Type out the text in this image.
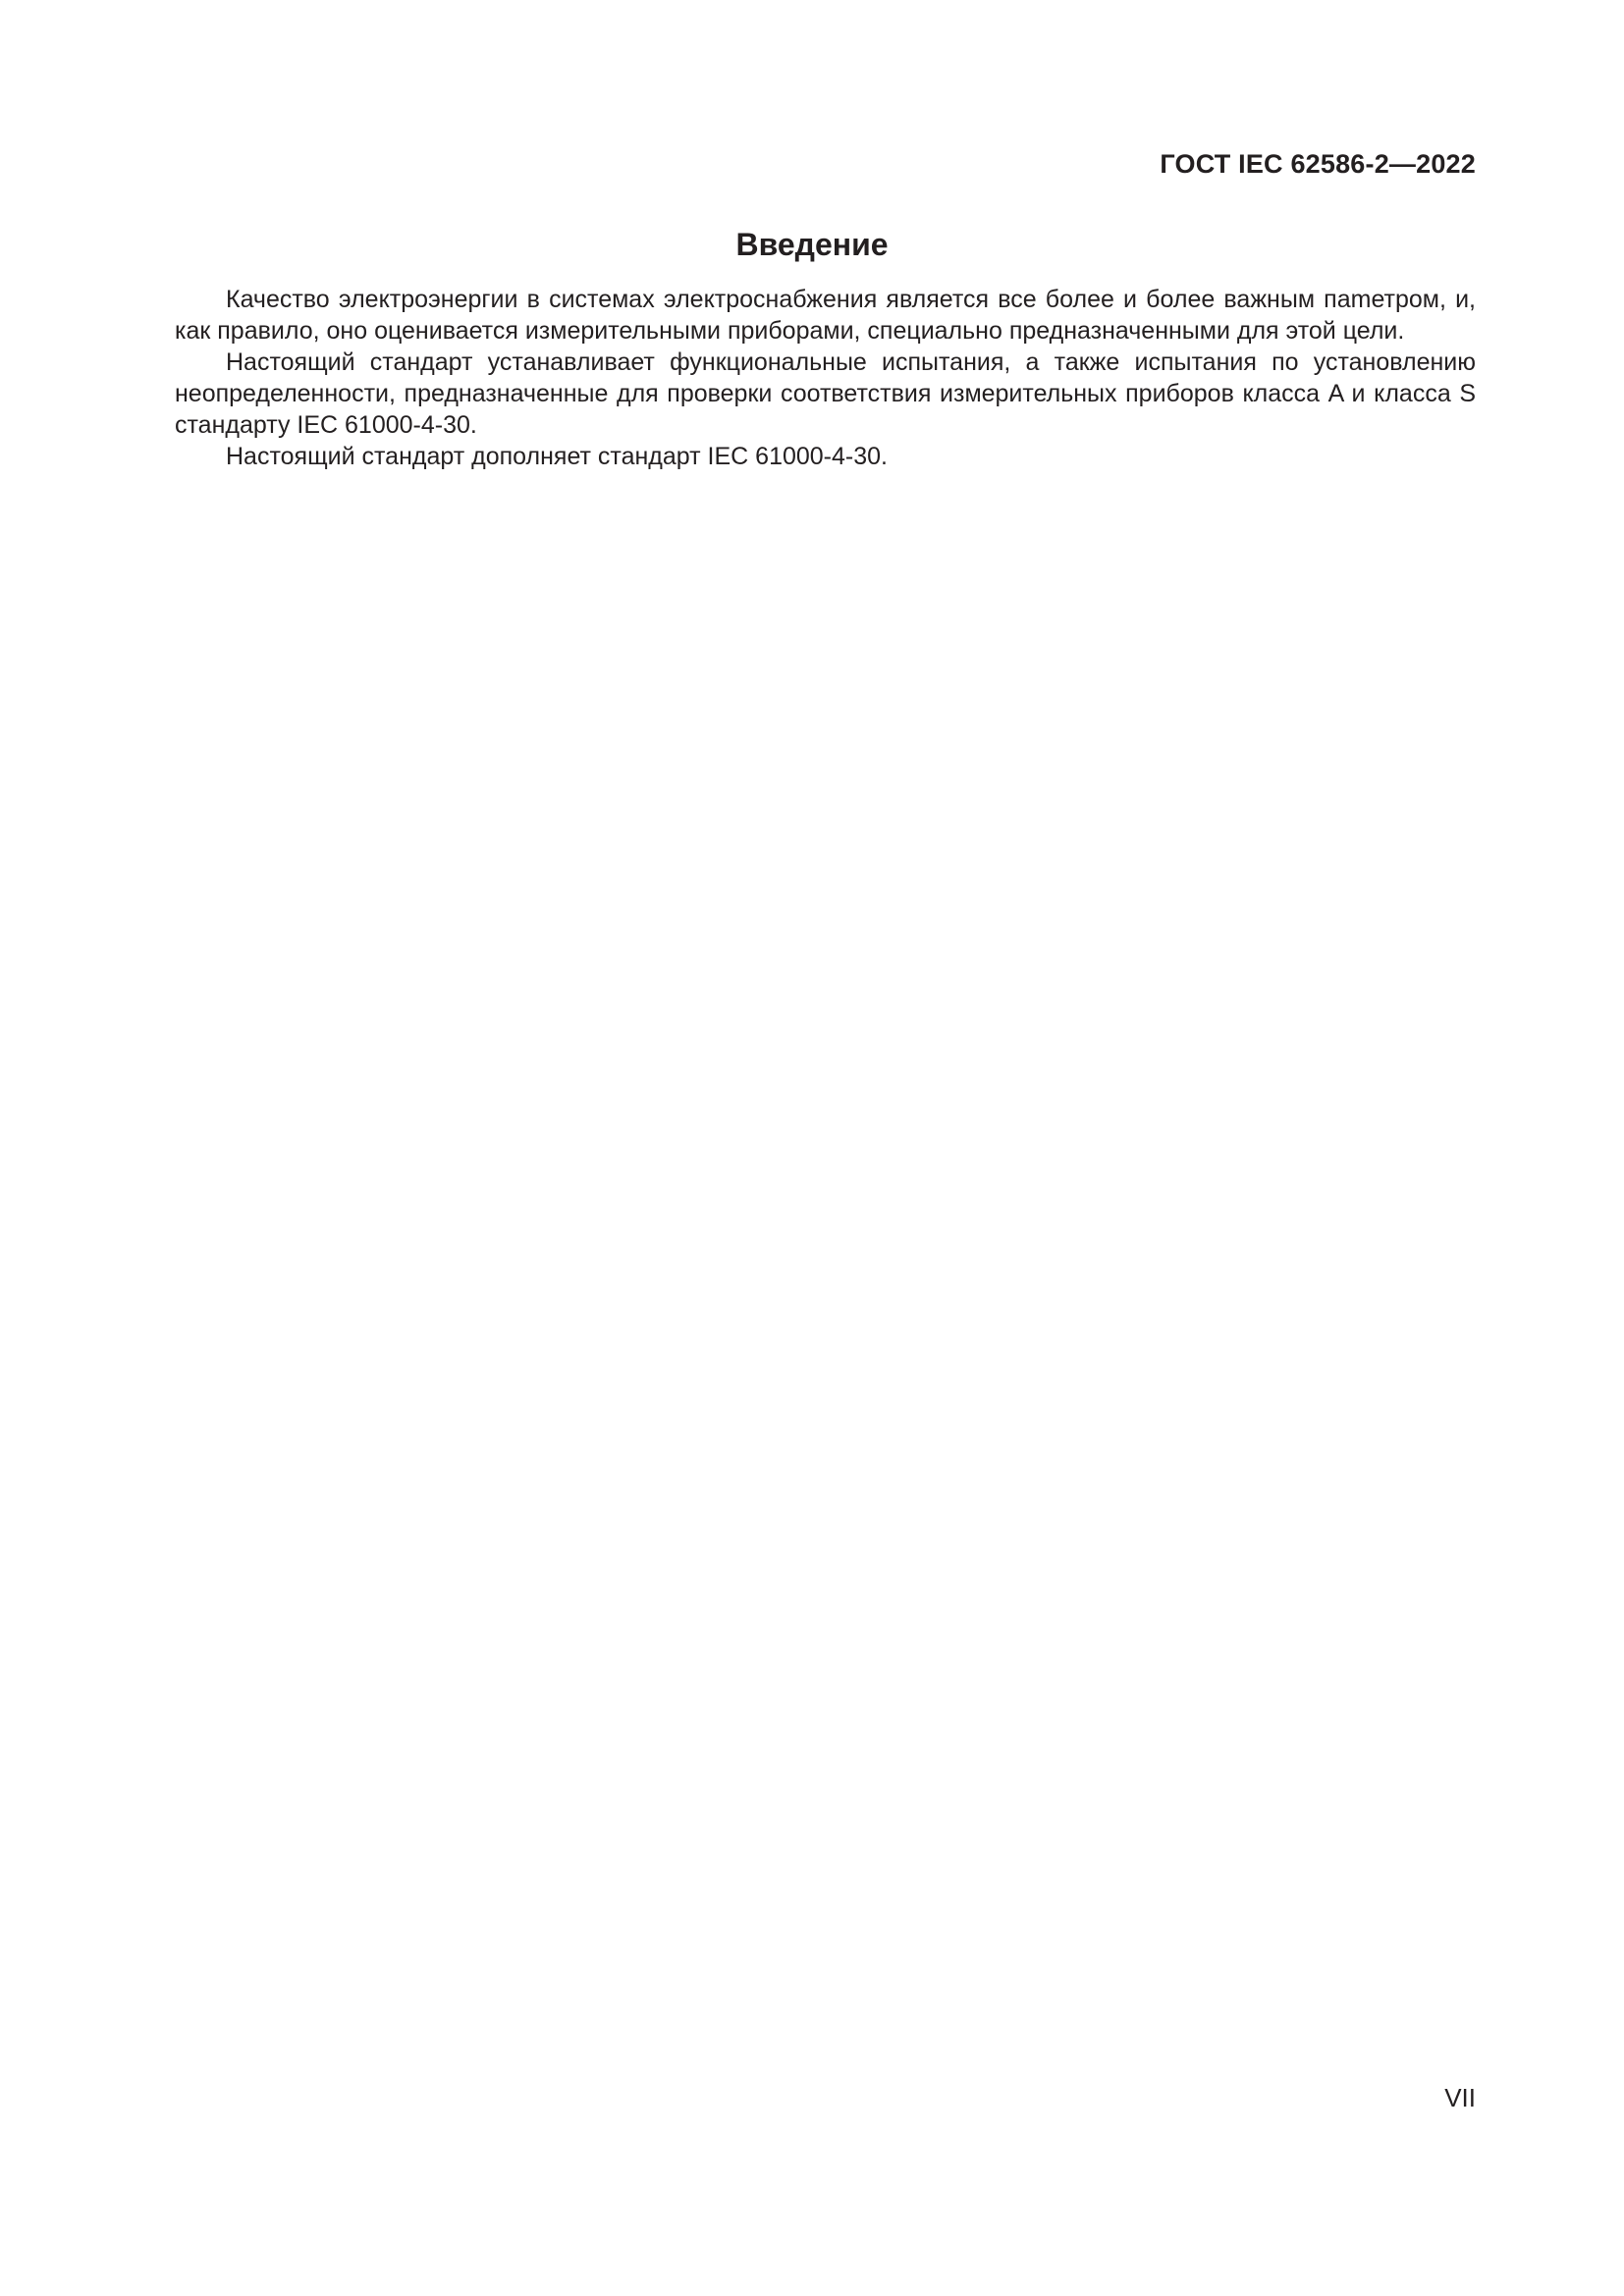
ГОСТ IEC 62586-2—2022
Введение

Качество электроэнергии в системах электроснабжения является все более и более важным паmетром, и, как правило, оно оценивается измерительными приборами, специально предназначенными для этой цели.

Настоящий стандарт устанавливает функциональные испытания, а также испытания по установлению неопределенности, предназначенные для проверки соответствия измерительных приборов класса A и класса S стандарту IEC 61000-4-30.

Настоящий стандарт дополняет стандарт IEC 61000-4-30.

VII
